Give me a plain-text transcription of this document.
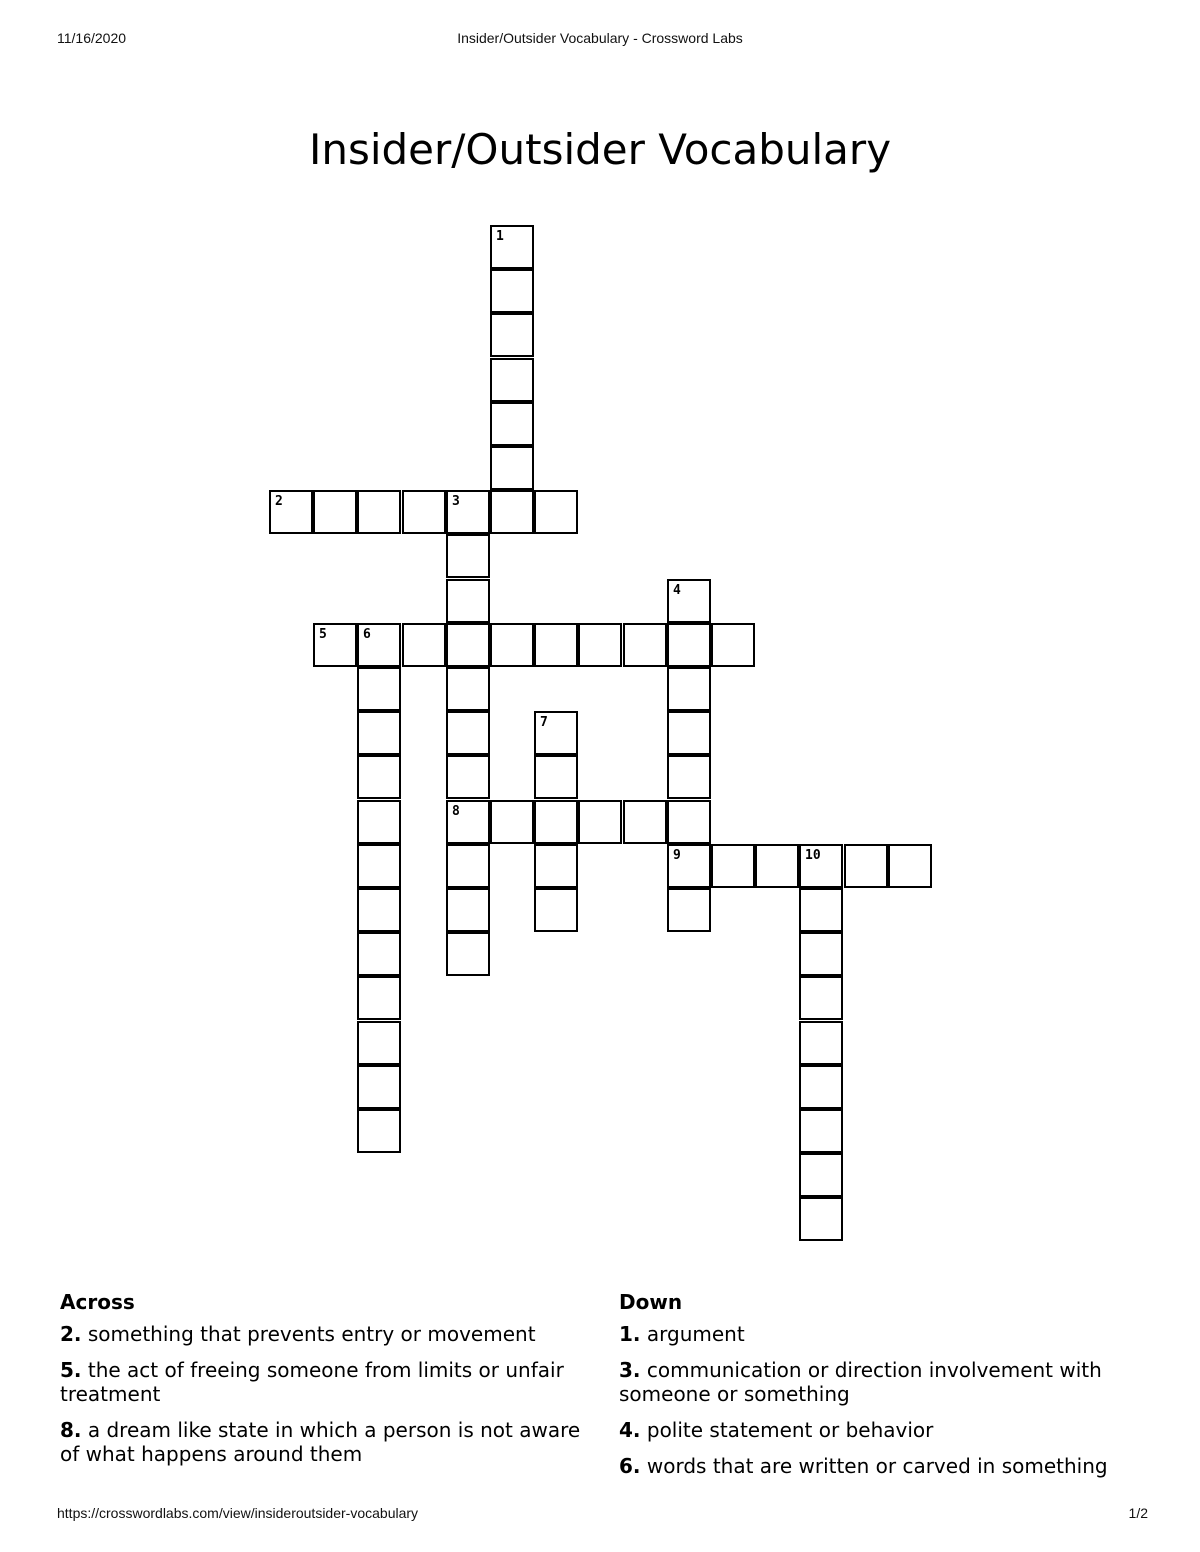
11/16/2020	Insider/Outsider Vocabulary - Crossword Labs
Insider/Outsider Vocabulary
1
2	3
8
4
9
5	6
7
10
Across
2. something that prevents entry or movement
5. the act of freeing someone from limits or unfair treatment
8. a dream like state in which a person is not aware of what happens around them
Down
1. argument
3. communication or direction involvement with someone or something
4. polite statement or behavior
6. words that are written or carved in something
https://crosswordlabs.com/view/insideroutsider-vocabulary	1/2
